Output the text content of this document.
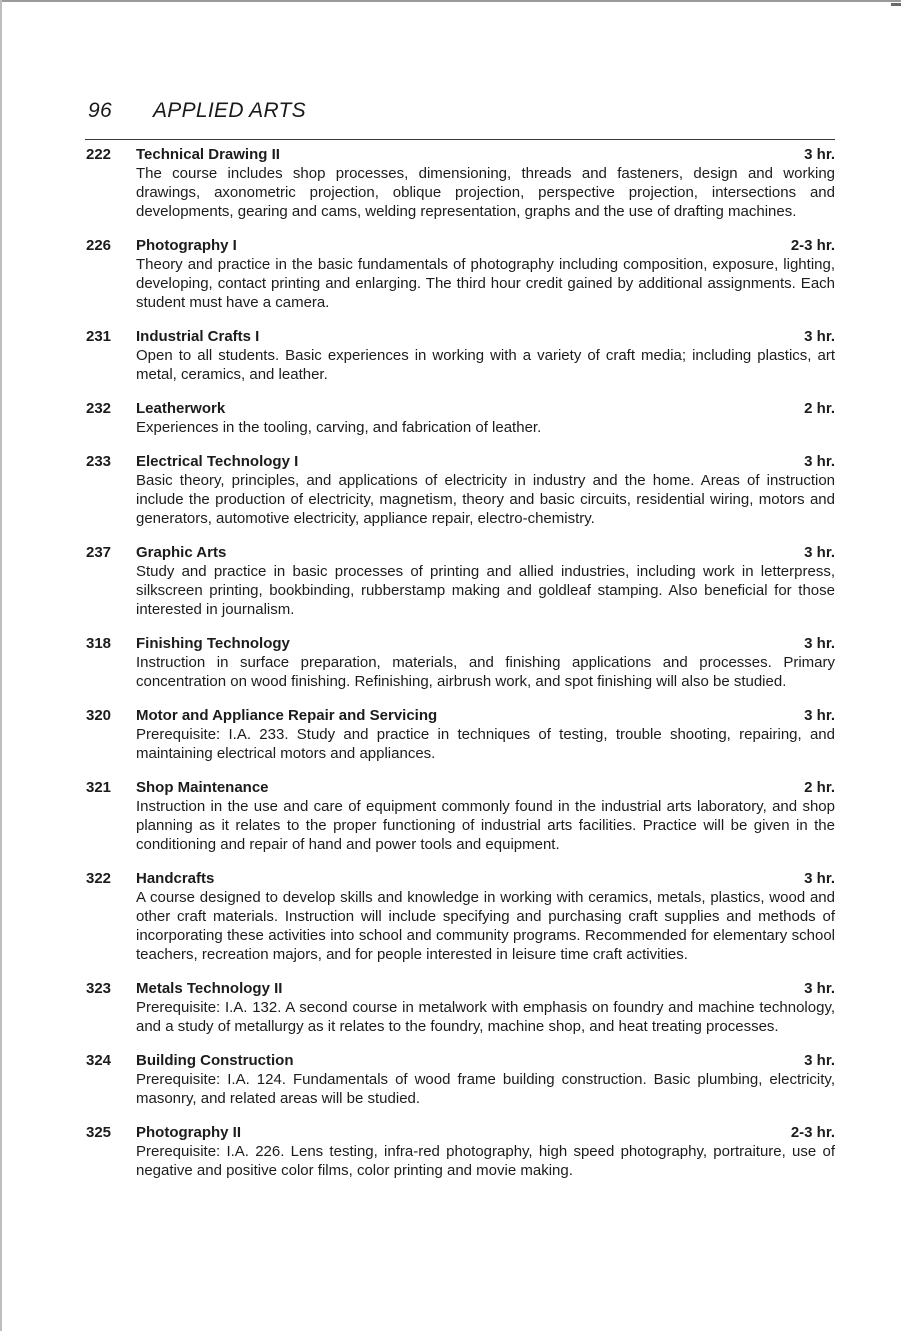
96 APPLIED ARTS
222 Technical Drawing II	3 hr.
The course includes shop processes, dimensioning, threads and fasteners, design and working drawings, axonometric projection, oblique projection, perspective projection, intersections and developments, gearing and cams, welding representation, graphs and the use of drafting machines.
226 Photography I	2-3 hr.
Theory and practice in the basic fundamentals of photography including composition, exposure, lighting, developing, contact printing and enlarging. The third hour credit gained by additional assignments. Each student must have a camera.
231 Industrial Crafts I	3 hr.
Open to all students. Basic experiences in working with a variety of craft media; including plastics, art metal, ceramics, and leather.
232 Leatherwork	2 hr.
Experiences in the tooling, carving, and fabrication of leather.
233 Electrical Technology I	3 hr.
Basic theory, principles, and applications of electricity in industry and the home. Areas of instruction include the production of electricity, magnetism, theory and basic circuits, residential wiring, motors and generators, automotive electricity, appliance repair, electro-chemistry.
237 Graphic Arts	3 hr.
Study and practice in basic processes of printing and allied industries, including work in letterpress, silkscreen printing, bookbinding, rubberstamp making and goldleaf stamping. Also beneficial for those interested in journalism.
318 Finishing Technology	3 hr.
Instruction in surface preparation, materials, and finishing applications and processes. Primary concentration on wood finishing. Refinishing, airbrush work, and spot finishing will also be studied.
320 Motor and Appliance Repair and Servicing	3 hr.
Prerequisite: I.A. 233. Study and practice in techniques of testing, trouble shooting, repairing, and maintaining electrical motors and appliances.
321 Shop Maintenance	2 hr.
Instruction in the use and care of equipment commonly found in the industrial arts laboratory, and shop planning as it relates to the proper functioning of industrial arts facilities. Practice will be given in the conditioning and repair of hand and power tools and equipment.
322 Handcrafts	3 hr.
A course designed to develop skills and knowledge in working with ceramics, metals, plastics, wood and other craft materials. Instruction will include specifying and purchasing craft supplies and methods of incorporating these activities into school and community programs. Recommended for elementary school teachers, recreation majors, and for people interested in leisure time craft activities.
323 Metals Technology II	3 hr.
Prerequisite: I.A. 132. A second course in metalwork with emphasis on foundry and machine technology, and a study of metallurgy as it relates to the foundry, machine shop, and heat treating processes.
324 Building Construction	3 hr.
Prerequisite: I.A. 124. Fundamentals of wood frame building construction. Basic plumbing, electricity, masonry, and related areas will be studied.
325 Photography II	2-3 hr.
Prerequisite: I.A. 226. Lens testing, infra-red photography, high speed photography, portraiture, use of negative and positive color films, color printing and movie making.
